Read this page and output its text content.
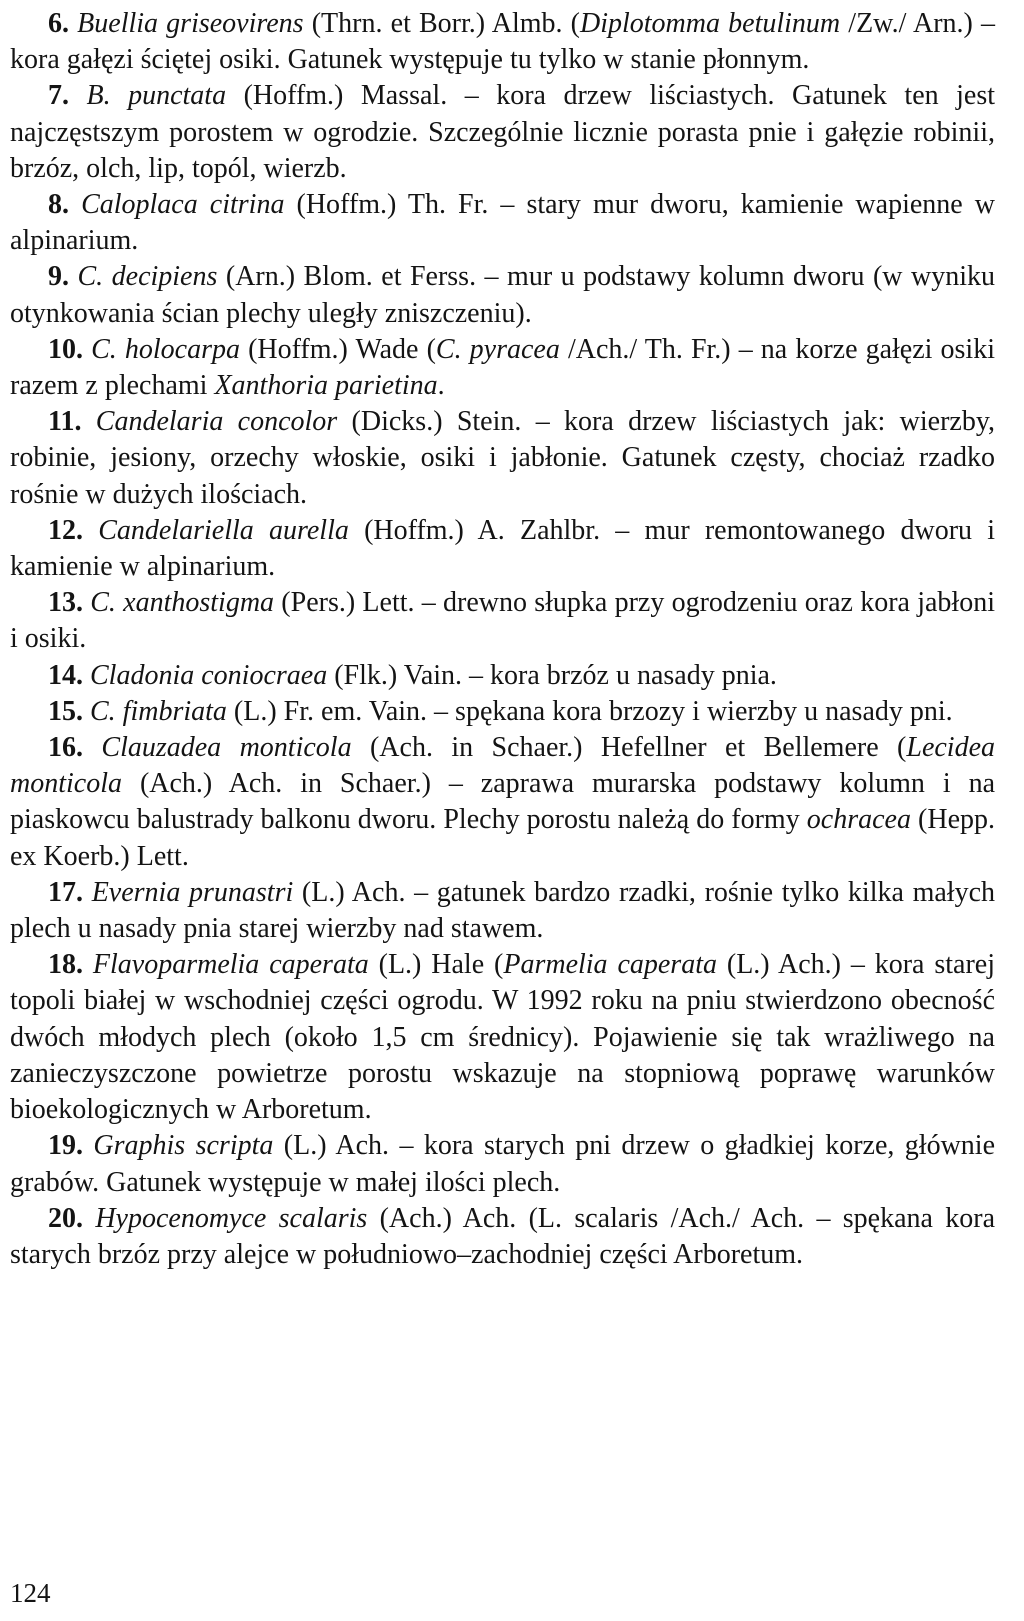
6. Buellia griseovirens (Thrn. et Borr.) Almb. (Diplotomma betulinum /Zw./ Arn.) – kora gałęzi ściętej osiki. Gatunek występuje tu tylko w stanie płonnym.

7. B. punctata (Hoffm.) Massal. – kora drzew liściastych. Gatunek ten jest najczęstszym porostem w ogrodzie. Szczególnie licznie porasta pnie i gałęzie robinii, brzóz, olch, lip, topól, wierzb.

8. Caloplaca citrina (Hoffm.) Th. Fr. – stary mur dworu, kamienie wapienne w alpinarium.

9. C. decipiens (Arn.) Blom. et Ferss. – mur u podstawy kolumn dworu (w wyniku otynkowania ścian plechy uległy zniszczeniu).

10. C. holocarpa (Hoffm.) Wade (C. pyracea /Ach./ Th. Fr.) – na korze gałęzi osiki razem z plechami Xanthoria parietina.

11. Candelaria concolor (Dicks.) Stein. – kora drzew liściastych jak: wierzby, robinie, jesiony, orzechy włoskie, osiki i jabłonie. Gatunek częsty, chociaż rzadko rośnie w dużych ilościach.

12. Candelariella aurella (Hoffm.) A. Zahlbr. – mur remontowanego dworu i kamienie w alpinarium.

13. C. xanthostigma (Pers.) Lett. – drewno słupka przy ogrodzeniu oraz kora jabłoni i osiki.

14. Cladonia coniocraea (Flk.) Vain. – kora brzóz u nasady pnia.

15. C. fimbriata (L.) Fr. em. Vain. – spękana kora brzozy i wierzby u nasady pni.

16. Clauzadea monticola (Ach. in Schaer.) Hefellner et Bellemere (Lecidea monticola (Ach.) Ach. in Schaer.) – zaprawa murarska podstawy kolumn i na piaskowcu balustrady balkonu dworu. Plechy porostu należą do formy ochracea (Hepp. ex Koerb.) Lett.

17. Evernia prunastri (L.) Ach. – gatunek bardzo rzadki, rośnie tylko kilka małych plech u nasady pnia starej wierzby nad stawem.

18. Flavoparmelia caperata (L.) Hale (Parmelia caperata (L.) Ach.) – kora starej topoli białej w wschodniej części ogrodu. W 1992 roku na pniu stwierdzono obecność dwóch młodych plech (około 1,5 cm średnicy). Pojawienie się tak wrażliwego na zanieczyszczone powietrze porostu wskazuje na stopniową poprawę warunków bioekologicznych w Arboretum.

19. Graphis scripta (L.) Ach. – kora starych pni drzew o gładkiej korze, głównie grabów. Gatunek występuje w małej ilości plech.

20. Hypocenomyce scalaris (Ach.) Ach. (L. scalaris /Ach./ Ach. – spękana kora starych brzóz przy alejce w południowo–zachodniej części Arboretum.

124
